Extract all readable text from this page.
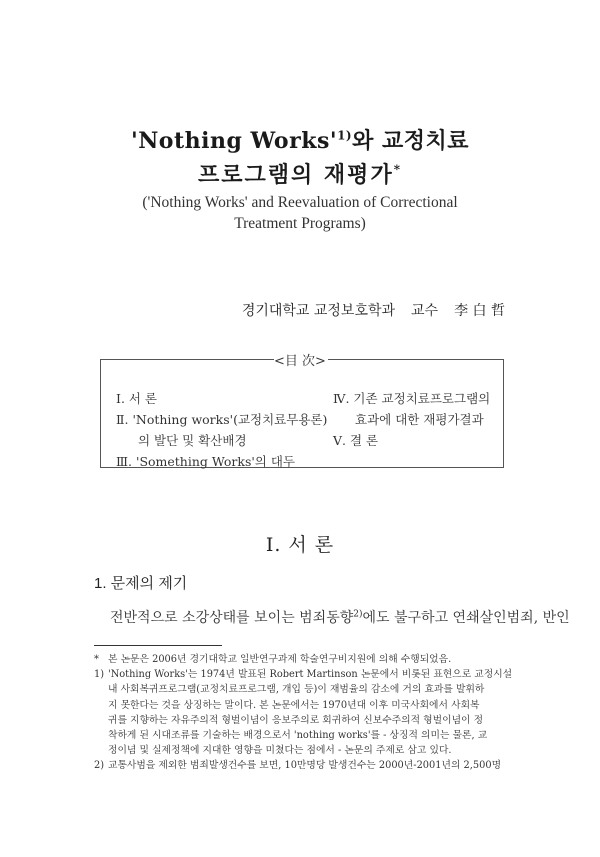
'Nothing $Works'^{1)}$와 교정치료
프로그램의 재평가*
('Nothing Works' and Reevaluation of Correctional
Treatment Programs)
경기대학교 교정보호학과 교수 李 白 哲
<目 次>
Ⅰ. 서 론
Ⅱ. 'Nothing works'(교정치료무용론)
의 발단 및 확산배경
Ⅲ. 'Something Works'의 대두
Ⅳ. 기존 교정치료프로그램의
효과에 대한 재평가결과
Ⅴ. 결 론
Ⅰ. 서 론
1. 문제의 제기
전반적으로 소강상태를 보이는 범죄동향$^{2)}$에도 불구하고 연쇄살인범죄, 반인
* 본 논문은 2006년 경기대학교 일반연구과제 학술연구비지원에 의해 수행되었음.
1) 'Nothing Works'는 1974년 발표된 Robert Martinson 논문에서 비롯된 표현으로 교정시설
내 사회복귀프로그램(교정치료프로그램, 개입 등)이 재범율의 감소에 거의 효과를 발휘하
지 못한다는 것을 상징하는 말이다. 본 논문에서는 1970년대 이후 미국사회에서 사회복
귀를 지향하는 자유주의적 형벌이념이 응보주의로 회귀하여 신보수주의적 형벌이념이 정
착하게 된 시대조류를 기술하는 배경으로서 'nothing works'를 - 상징적 의미는 물론, 교
정이념 및 실제정책에 지대한 영향을 미쳤다는 점에서 - 논문의 주제로 삼고 있다.
2) 교통사범을 제외한 범죄발생건수를 보면, 10만명당 발생건수는 2000년-2001년의 2,500명
